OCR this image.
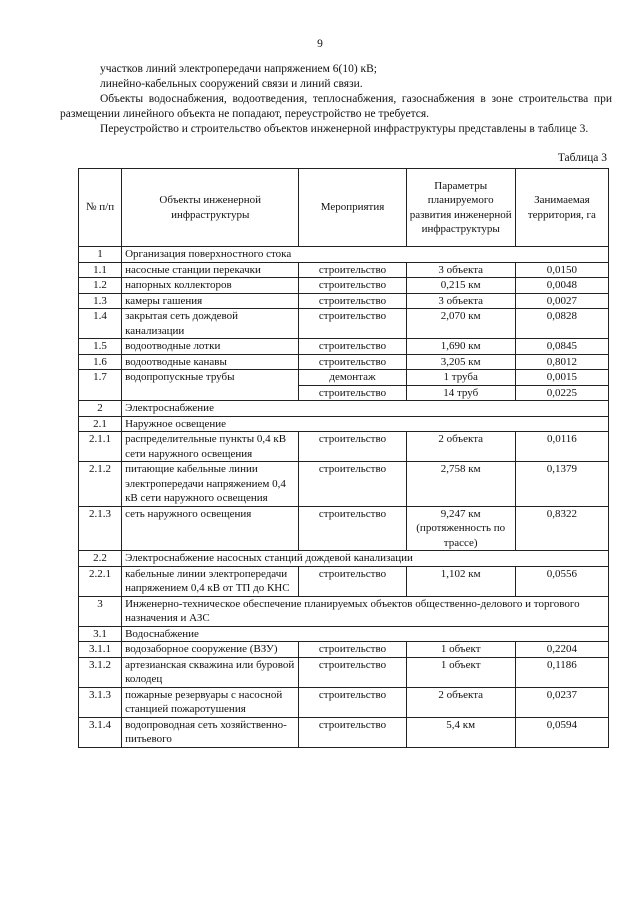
9

участков линий электропередачи напряжением 6(10) кВ;

линейно-кабельных сооружений связи и линий связи.

Объекты водоснабжения, водоотведения, теплоснабжения, газоснабжения в зоне строительства при размещении линейного объекта не попадают, переустройство не требуется.

Переустройство и строительство объектов инженерной инфраструктуры представлены в таблице 3.

Таблица 3
№ п/п	Объекты инженерной инфраструктуры	Мероприятия	Параметры планируемого развития инженерной инфраструктуры	Занимаемая территория, га
1	Организация поверхностного стока			
1.1	насосные станции перекачки	строительство	3 объекта	0,0150
1.2	напорных коллекторов	строительство	0,215 км	0,0048
1.3	камеры гашения	строительство	3 объекта	0,0027
1.4	закрытая сеть дождевой канализации	строительство	2,070 км	0,0828
1.5	водоотводные лотки	строительство	1,690 км	0,0845
1.6	водоотводные канавы	строительство	3,205 км	0,8012
1.7	водопропускные трубы	демонтаж	1 труба	0,0015
		строительство	14 труб	0,0225
2	Электроснабжение			
2.1	Наружное освещение			
2.1.1	распределительные пункты 0,4 кВ сети наружного освещения	строительство	2 объекта	0,0116
2.1.2	питающие кабельные линии электропередачи напряжением 0,4 кВ сети наружного освещения	строительство	2,758 км	0,1379
2.1.3	сеть наружного освещения	строительство	9,247 км (протяженность по трассе)	0,8322
2.2	Электроснабжение насосных станций дождевой канализации			
2.2.1	кабельные линии электропередачи напряжением 0,4 кВ от ТП до КНС	строительство	1,102 км	0,0556
3	Инженерно-техническое обеспечение планируемых объектов общественно-делового и торгового назначения и АЗС			
3.1	Водоснабжение			
3.1.1	водозаборное сооружение (ВЗУ)	строительство	1 объект	0,2204
3.1.2	артезианская скважина или буровой колодец	строительство	1 объект	0,1186
3.1.3	пожарные резервуары с насосной станцией пожаротушения	строительство	2 объекта	0,0237
3.1.4	водопроводная сеть хозяйственно-питьевого	строительство	5,4 км	0,0594
